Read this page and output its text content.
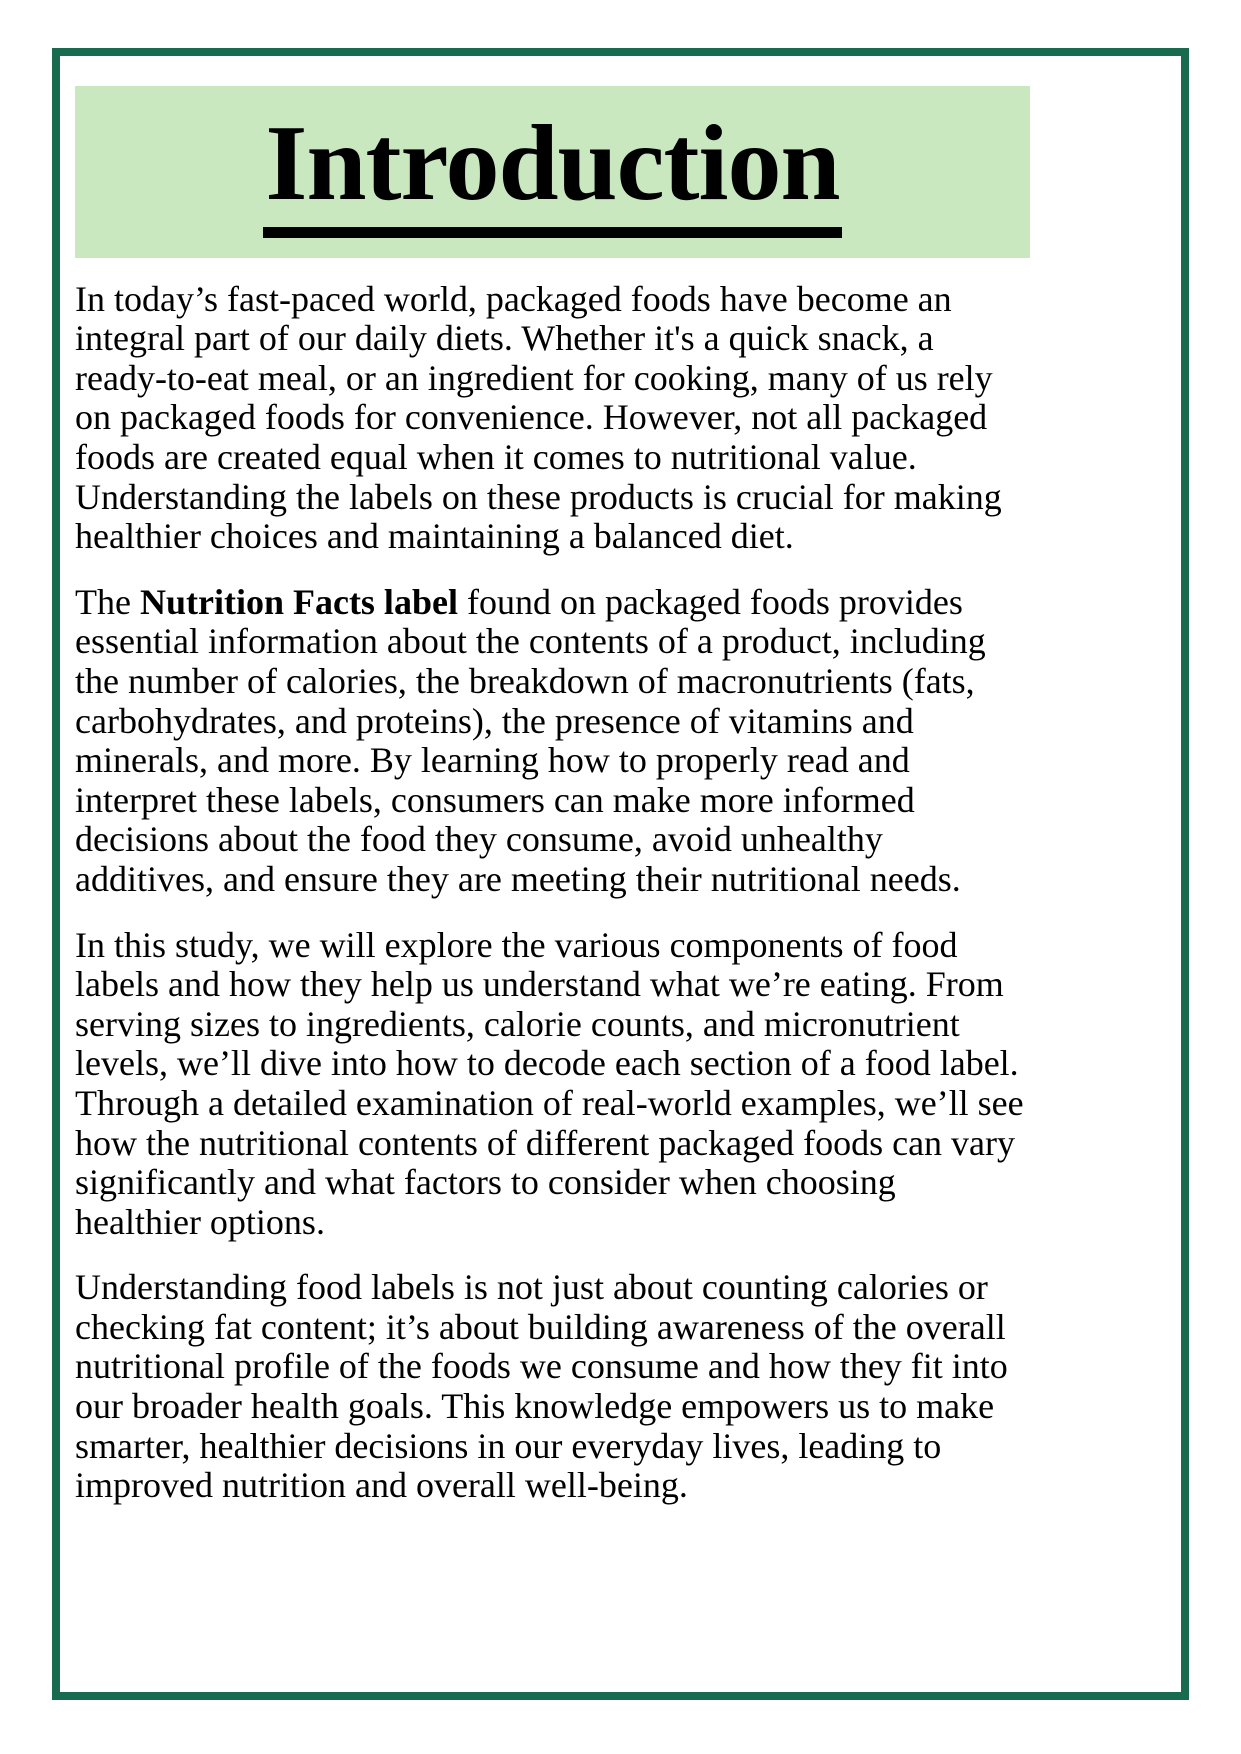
Introduction

In today’s fast-paced world, packaged foods have become an integral part of our daily diets. Whether it's a quick snack, a ready-to-eat meal, or an ingredient for cooking, many of us rely on packaged foods for convenience. However, not all packaged foods are created equal when it comes to nutritional value. Understanding the labels on these products is crucial for making healthier choices and maintaining a balanced diet.

The Nutrition Facts label found on packaged foods provides essential information about the contents of a product, including the number of calories, the breakdown of macronutrients (fats, carbohydrates, and proteins), the presence of vitamins and minerals, and more. By learning how to properly read and interpret these labels, consumers can make more informed decisions about the food they consume, avoid unhealthy additives, and ensure they are meeting their nutritional needs.

In this study, we will explore the various components of food labels and how they help us understand what we’re eating. From serving sizes to ingredients, calorie counts, and micronutrient levels, we’ll dive into how to decode each section of a food label. Through a detailed examination of real-world examples, we’ll see how the nutritional contents of different packaged foods can vary significantly and what factors to consider when choosing healthier options.

Understanding food labels is not just about counting calories or checking fat content; it’s about building awareness of the overall nutritional profile of the foods we consume and how they fit into our broader health goals. This knowledge empowers us to make smarter, healthier decisions in our everyday lives, leading to improved nutrition and overall well-being.
